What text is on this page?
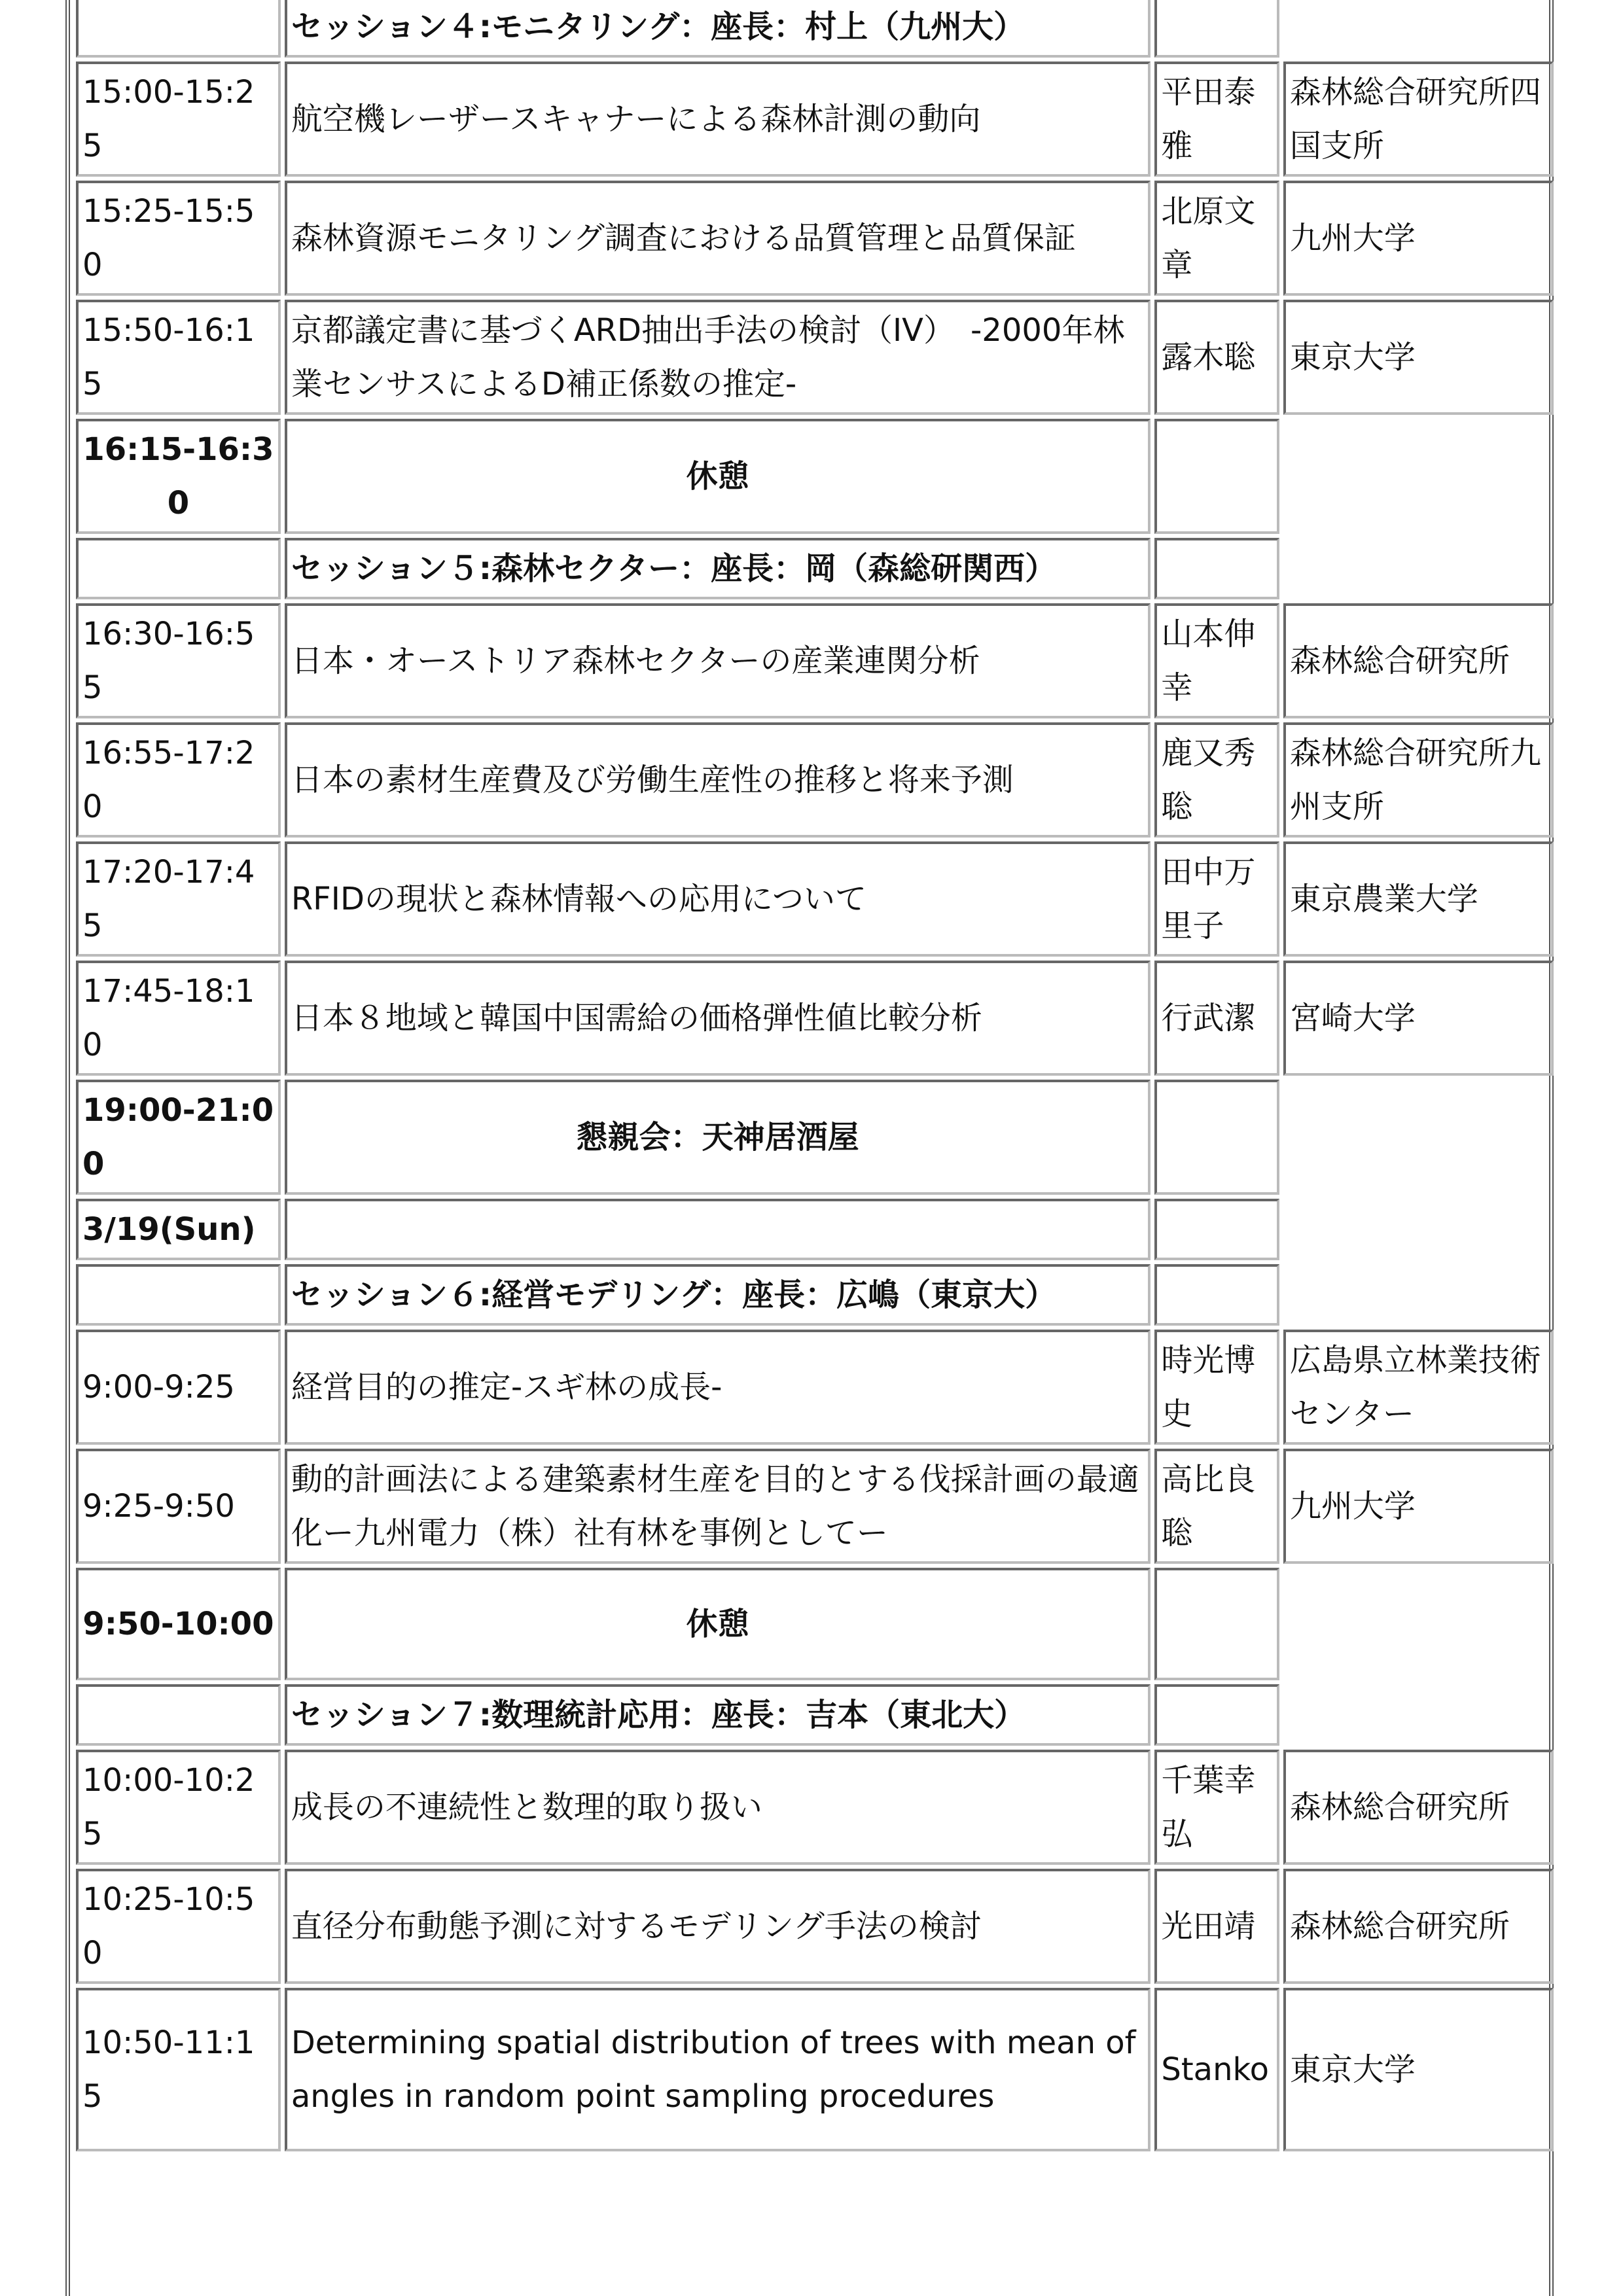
	セッション４:モニタリング：座長：村上（九州大）		
15:00-15:25	航空機レーザースキャナーによる森林計測の動向	平田泰雅	森林総合研究所四国支所
15:25-15:50	森林資源モニタリング調査における品質管理と品質保証	北原文章	九州大学
15:50-16:15	京都議定書に基づくARD抽出手法の検討（IV）　-2000年林業センサスによるD補正係数の推定-	露木聡	東京大学
16:15-16:30	休憩		
	セッション５:森林セクター：座長：岡（森総研関西）		
16:30-16:55	日本・オーストリア森林セクターの産業連関分析	山本伸幸	森林総合研究所
16:55-17:20	日本の素材生産費及び労働生産性の推移と将来予測	鹿又秀聡	森林総合研究所九州支所
17:20-17:45	RFIDの現状と森林情報への応用について	田中万里子	東京農業大学
17:45-18:10	日本８地域と韓国中国需給の価格弾性値比較分析	行武潔	宮崎大学
19:00-21:00	懇親会：天神居酒屋		
3/19(Sun)			
	セッション６:経営モデリング：座長：広嶋（東京大）		
9:00-9:25	経営目的の推定-スギ林の成長-	時光博史	広島県立林業技術センター
9:25-9:50	動的計画法による建築素材生産を目的とする伐採計画の最適化ー九州電力（株）社有林を事例としてー	高比良　聡	九州大学
9:50-10:00	休憩		
	セッション７:数理統計応用：座長：吉本（東北大）		
10:00-10:25	成長の不連続性と数理的取り扱い	千葉幸弘	森林総合研究所
10:25-10:50	直径分布動態予測に対するモデリング手法の検討	光田靖	森林総合研究所
10:50-11:15	Determining spatial distribution of trees with mean of angles in random point sampling procedures	Stanko	東京大学
